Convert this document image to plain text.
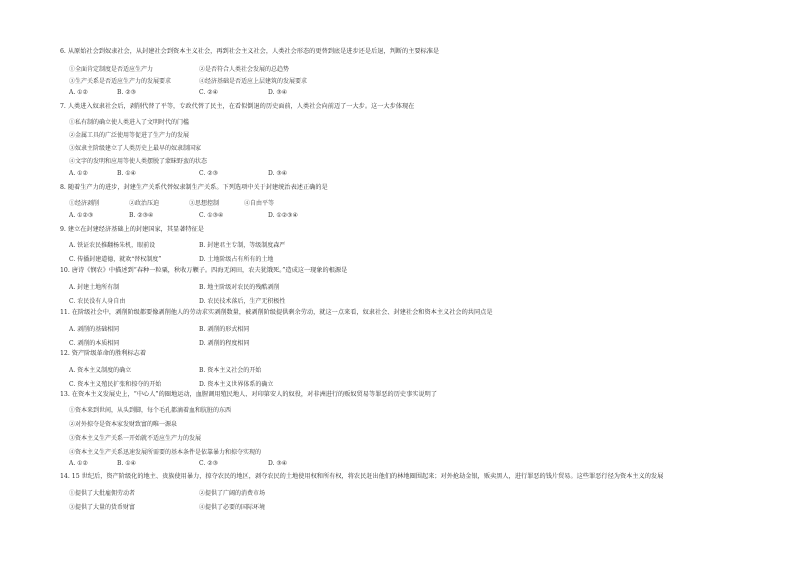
6. 从原始社会到奴隶社会，从封建社会到资本主义社会，再到社会主义社会，人类社会形态的更替到底是进步还是后退，判断的主要标准是
①全面肯定制度是否适应生产力	②是否符合人类社会发展的总趋势
③生产关系是否适应生产力的发展要求	④经济基础是否适应上层建筑的发展要求
A. ①②	B. ②③	C. ②④	D. ③④
7. 人类进入奴隶社会后，剥削代替了平等，专政代替了民主，在看似倒退的历史面前，人类社会向前迈了一大步。这一大步体现在
①私有制的确立使人类进入了文明时代的门槛
②金属工具的广泛使用等促进了生产力的发展
③奴隶主阶级建立了人类历史上最早的奴隶制国家
④文字的发明和应用等使人类摆脱了蒙昧野蛮的状态
A. ①②	B. ①④	C. ②③	D. ③④
8. 随着生产力的进步，封建生产关系代替奴隶制生产关系。下列选项中关于封建统治表述正确的是
①经济剥削	②政治压迫	③思想控制	④自由平等
A. ①②③	B. ②③④	C. ①③④	D. ①②③④
9. 建立在封建经济基础上的封建国家，其显著特征是
A. 铁证农民推翻杨朱机，眼前设	B. 封建君主专制，等级制度森严
C. 传播封建道德，就欢“替权制度”	D. 土地阶级占有所有的土地
10. 唐诗《悯农》中描述到“春种一粒粟，秋收万颗子。四海无闲田，农夫犹饿死。”造成这一现象的根源是
A. 封建土地所有制	B. 地主阶级对农民的残酷剥削
C. 农民没有人身自由	D. 农民技术落后，生产无积极性
11. 在阶级社会中，剥削阶级都要像剥削他人的劳动求实剥削数量，被剥削阶级提供剩余劳动，就这一点来看，奴隶社会、封建社会和资本主义社会的共同点是
A. 剥削的基础相同	B. 剥削的形式相同
C. 剥削的本质相同	D. 剥削的程度相同
12. 资产阶级革命的胜利标志着
A. 资本主义制度的确立	B. 资本主义社会的开始
C. 资本主义殖民扩张和掠夺的开始	D. 资本主义世界体系的确立
13. 在资本主义发展史上，“中心人”的圈地运动，血腥调用殖民地人、对印第安人的奴役，对非洲进行的贩奴贸易等罪恶的历史事实说明了
①资本来到世间，从头到脚，每个毛孔都滴着血和肮脏的东西
②对外掠夺是资本家发财致富的唯一源泉
③资本主义生产关系一开始就不适应生产力的发展
④资本主义生产关系迅速发展所需要的基本条件是依靠暴力和掠夺实现的
A. ①②	B. ①④	C. ②③	D. ③④
14. 15 世纪后，资产阶级化的地主、贵族使用暴力，掠夺农民的地区，剥夺农民的土地使用权和所有权，将农民赶出他们的林地圈围起来；对外抢劫金银，贩卖黑人，进行罪恶的钱片贸易。这些罪恶行径为资本主义的发展
①提供了大批雇佣劳动者	②提供了广阔的消费市场
③提供了大量的货币财富	④提供了必要的国际环境
